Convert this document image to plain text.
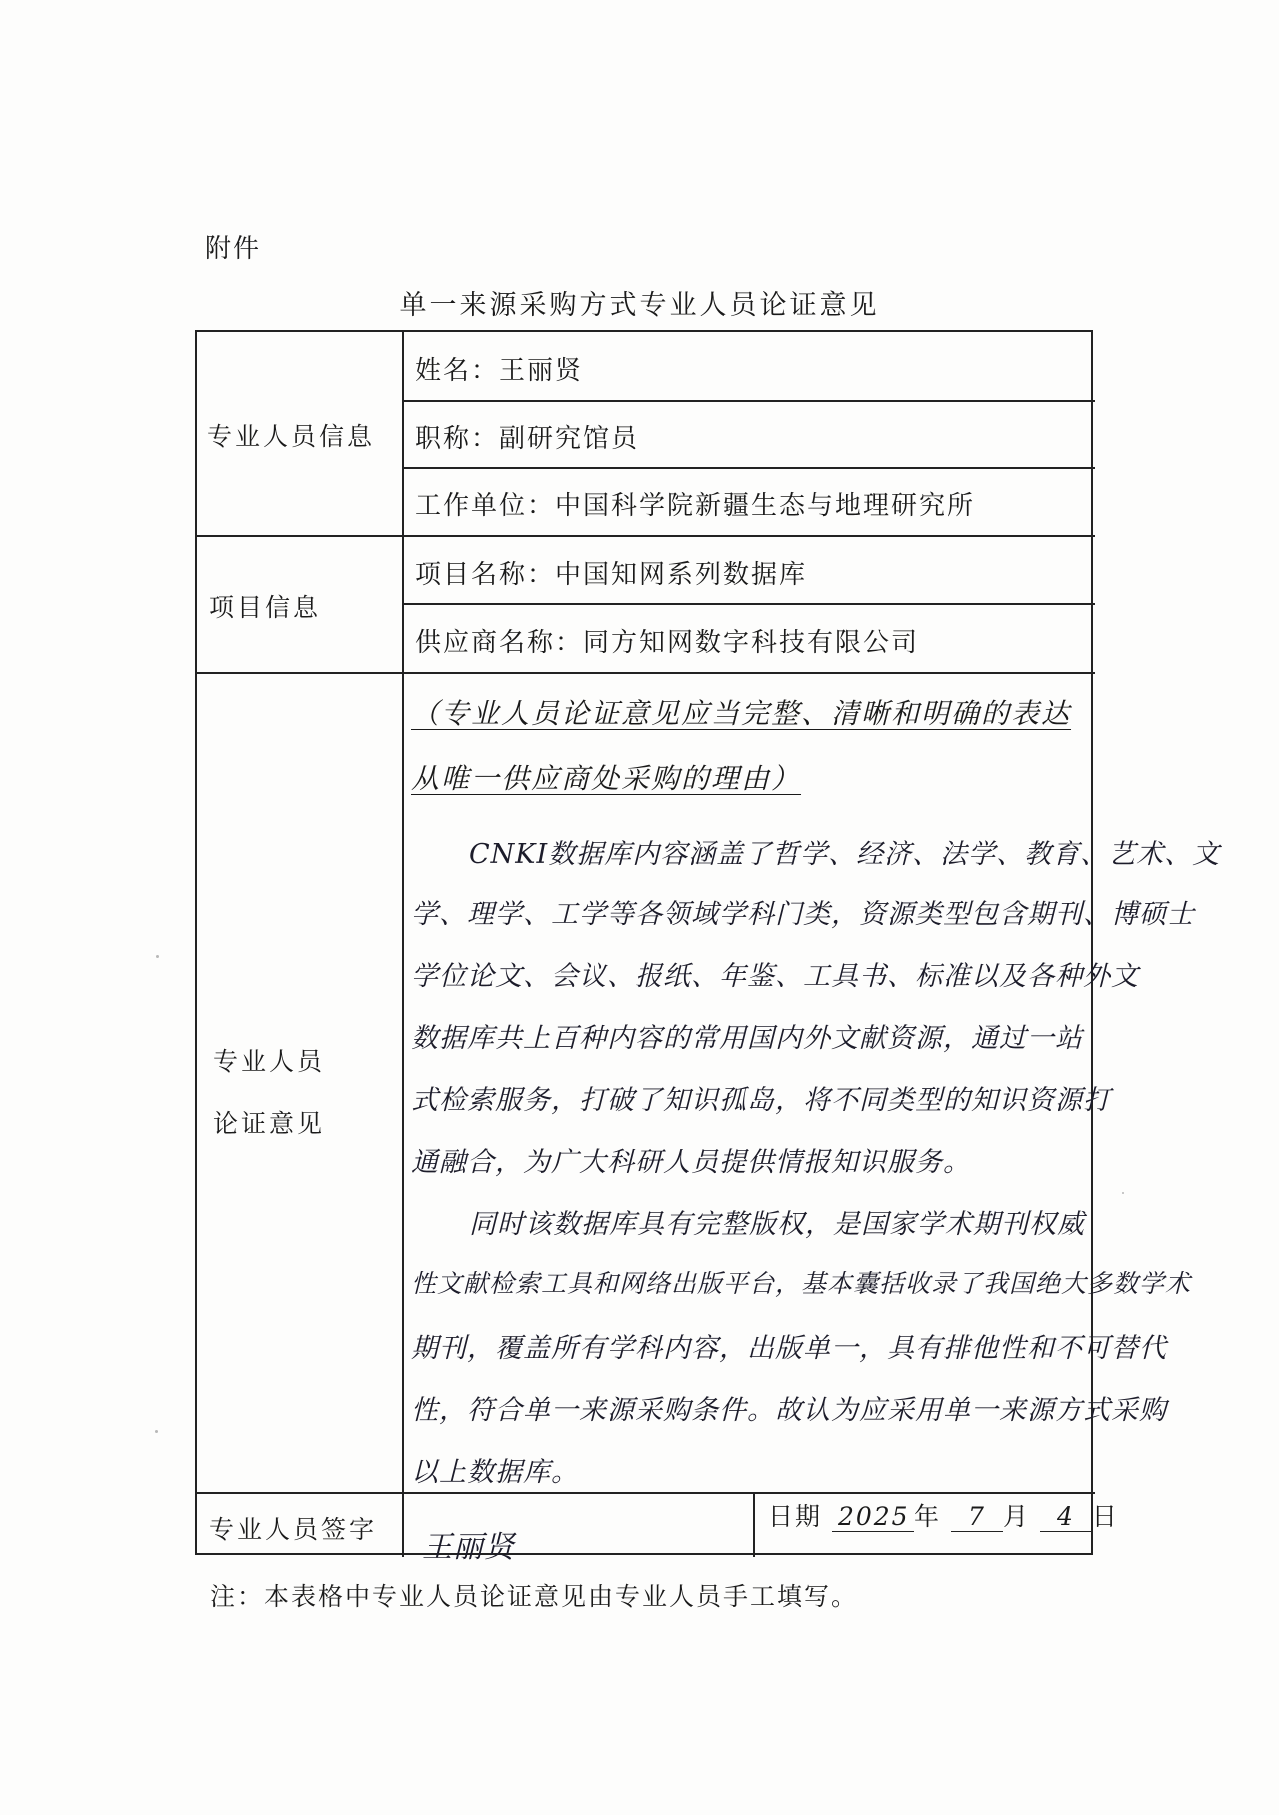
附件
单一来源采购方式专业人员论证意见
专业人员信息
姓名：王丽贤
职称：副研究馆员
工作单位：中国科学院新疆生态与地理研究所
项目信息
项目名称：中国知网系列数据库
供应商名称：同方知网数字科技有限公司
专业人员
论证意见
（专业人员论证意见应当完整、清晰和明确的表达
从唯一供应商处采购的理由）
CNKI数据库内容涵盖了哲学、经济、法学、教育、艺术、文
学、理学、工学等各领域学科门类，资源类型包含期刊、博硕士
学位论文、会议、报纸、年鉴、工具书、标准以及各种外文
数据库共上百种内容的常用国内外文献资源，通过一站
式检索服务，打破了知识孤岛，将不同类型的知识资源打
通融合，为广大科研人员提供情报知识服务。
同时该数据库具有完整版权，是国家学术期刊权威
性文献检索工具和网络出版平台，基本囊括收录了我国绝大多数学术
期刊，覆盖所有学科内容，出版单一，具有排他性和不可替代
性，符合单一来源采购条件。故认为应采用单一来源方式采购
以上数据库。
专业人员签字
王丽贤
日期 2025 年 7 月 4 日
注：本表格中专业人员论证意见由专业人员手工填写。
